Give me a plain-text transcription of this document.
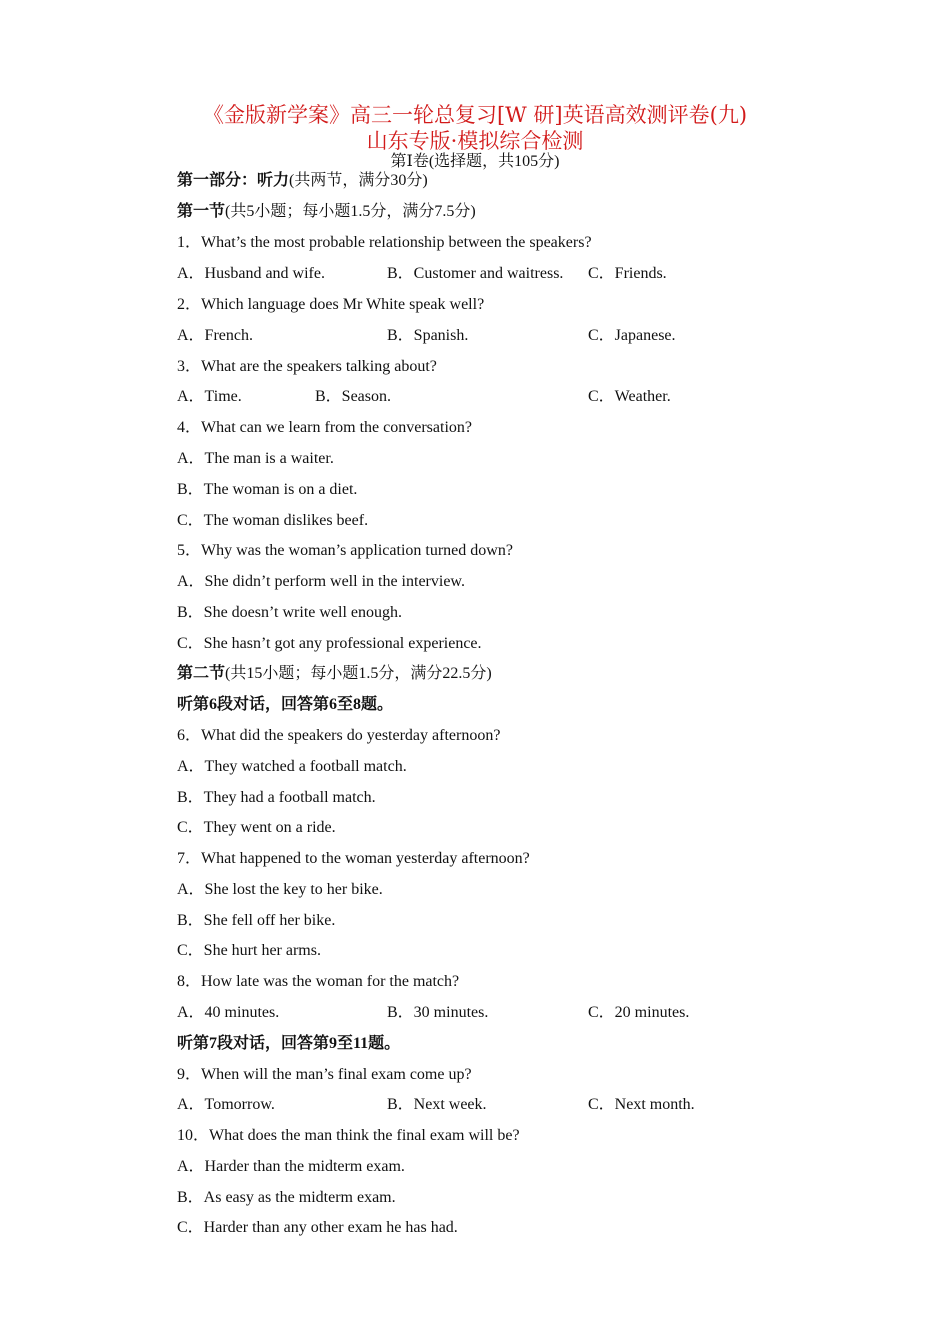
《金版新学案》高三一轮总复习[W 研]英语高效测评卷(九)
山东专版·模拟综合检测
第Ⅰ卷(选择题，共105分)
第一部分：听力(共两节，满分30分)
第一节(共5小题；每小题1.5分，满分7.5分)
1．What’s the most probable relationship between the speakers?
A．Husband and wife.	B．Customer and waitress. C．Friends.
2．Which language does Mr White speak well?
A．French.	B．Spanish.	C．Japanese.
3．What are the speakers talking about?
A．Time.	B．Season.	C．Weather.
4．What can we learn from the conversation?
A．The man is a waiter.
B．The woman is on a diet.
C．The woman dislikes beef.
5．Why was the woman’s application turned down?
A．She didn’t perform well in the interview.
B．She doesn’t write well enough.
C．She hasn’t got any professional experience.
第二节(共15小题；每小题1.5分，满分22.5分)
听第6段对话，回答第6至8题。
6．What did the speakers do yesterday afternoon?
A．They watched a football match.
B．They had a football match.
C．They went on a ride.
7．What happened to the woman yesterday afternoon?
A．She lost the key to her bike.
B．She fell off her bike.
C．She hurt her arms.
8．How late was the woman for the match?
A．40 minutes.	B．30 minutes.	C．20 minutes.
听第7段对话，回答第9至11题。
9．When will the man’s final exam come up?
A．Tomorrow.	B．Next week.	C．Next month.
10．What does the man think the final exam will be?
A．Harder than the midterm exam.
B．As easy as the midterm exam.
C．Harder than any other exam he has had.
